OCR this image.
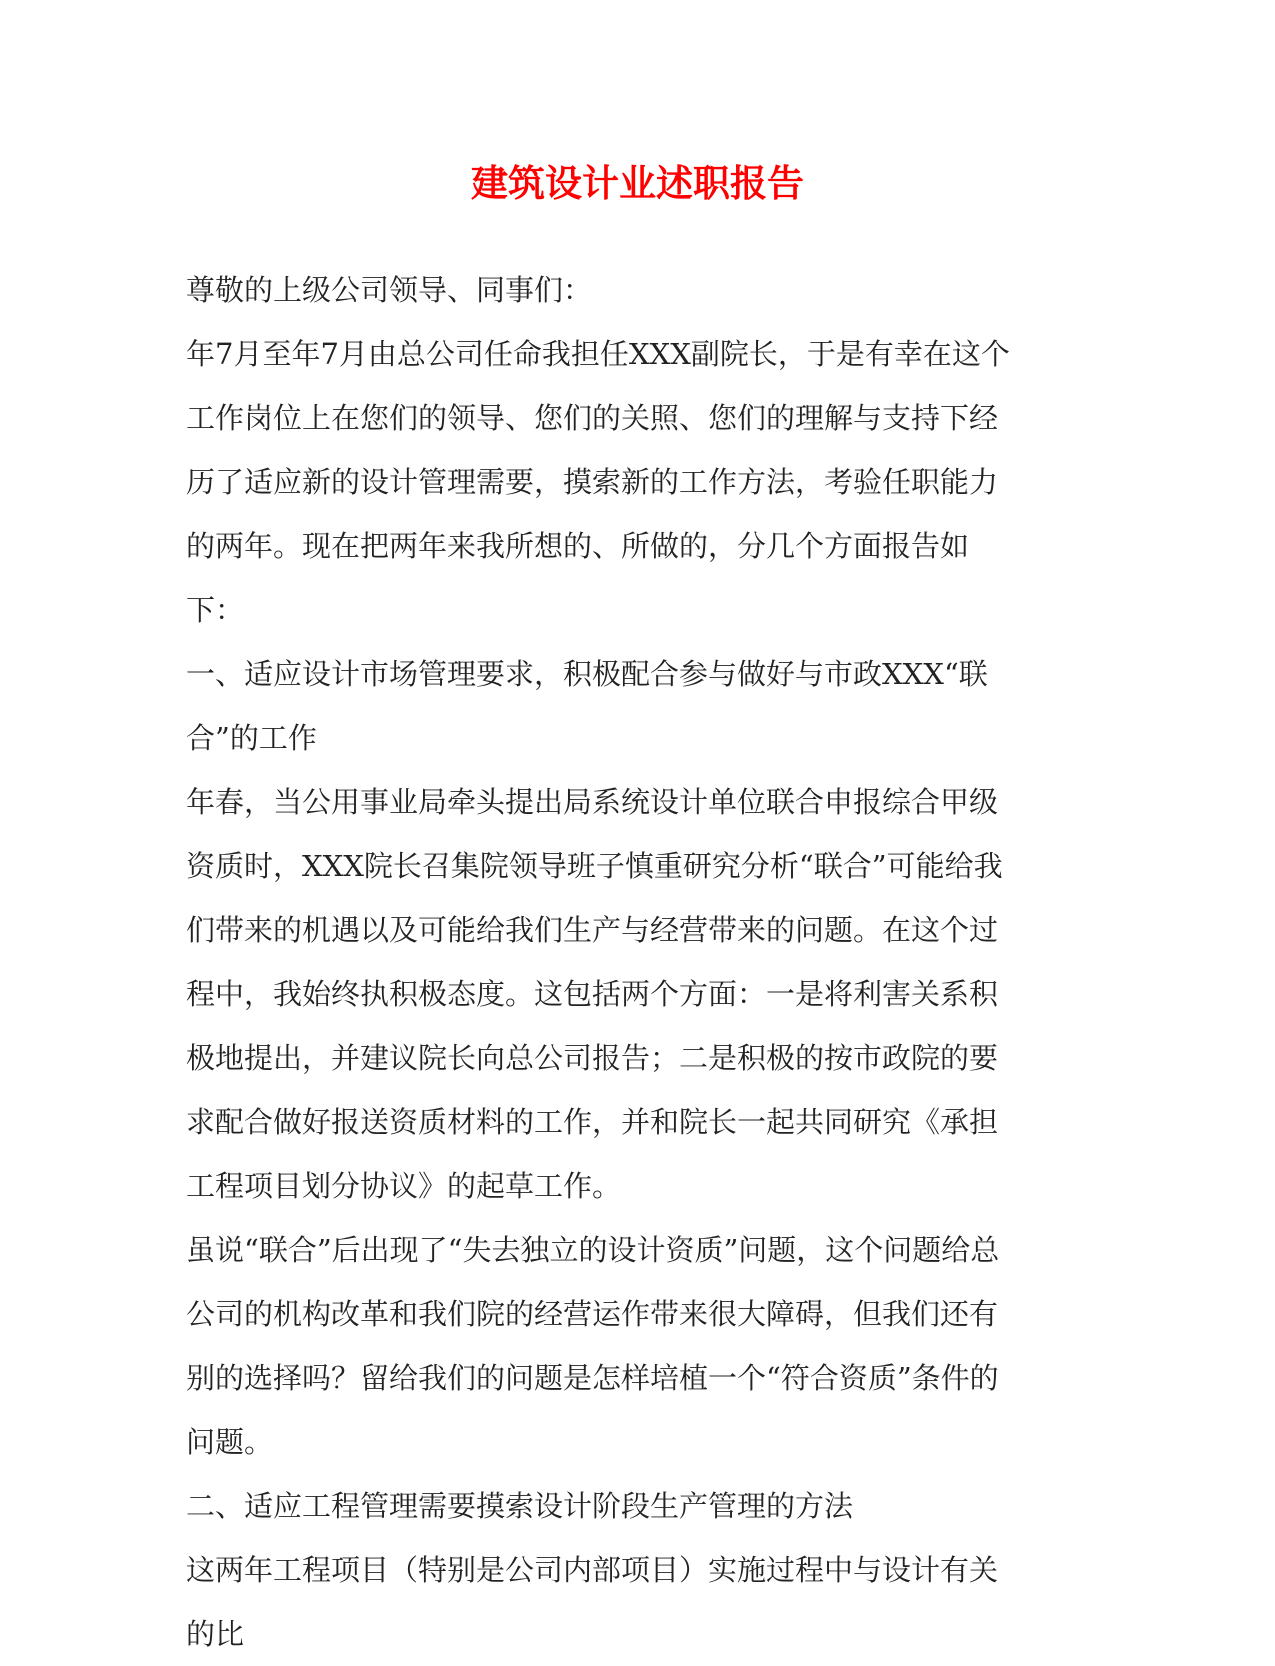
建筑设计业述职报告

尊敬的上级公司领导、同事们：

年7月至年7月由总公司任命我担任XXX副院长，于是有幸在这个工作岗位上在您们的领导、您们的关照、您们的理解与支持下经历了适应新的设计管理需要，摸索新的工作方法，考验任职能力的两年。现在把两年来我所想的、所做的，分几个方面报告如下：

一、适应设计市场管理要求，积极配合参与做好与市政XXX“联合”的工作

年春，当公用事业局牵头提出局系统设计单位联合申报综合甲级资质时，XXX院长召集院领导班子慎重研究分析“联合”可能给我们带来的机遇以及可能给我们生产与经营带来的问题。在这个过程中，我始终执积极态度。这包括两个方面：一是将利害关系积极地提出，并建议院长向总公司报告；二是积极的按市政院的要求配合做好报送资质材料的工作，并和院长一起共同研究《承担工程项目划分协议》的起草工作。

虽说“联合”后出现了“失去独立的设计资质”问题，这个问题给总公司的机构改革和我们院的经营运作带来很大障碍，但我们还有别的选择吗？留给我们的问题是怎样培植一个“符合资质”条件的问题。

二、适应工程管理需要摸索设计阶段生产管理的方法

这两年工程项目（特别是公司内部项目）实施过程中与设计有关的比
